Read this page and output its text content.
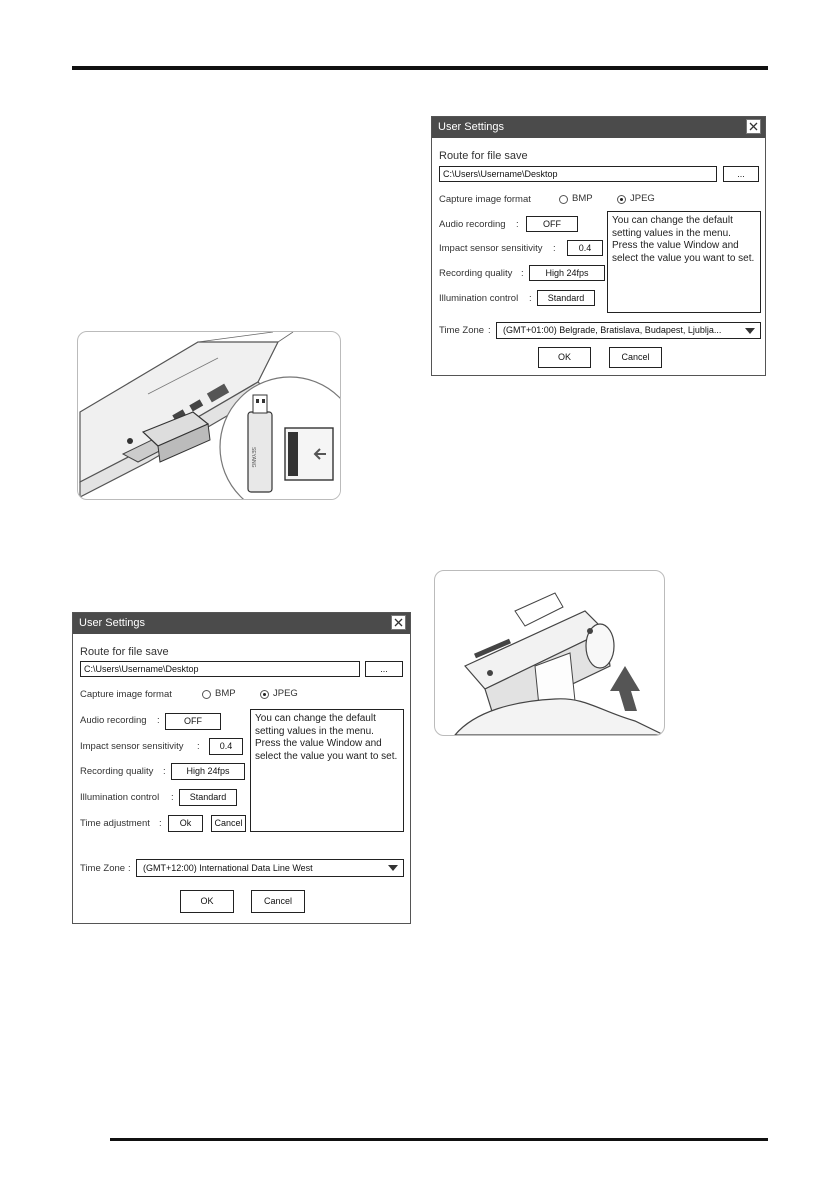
User Settings
Route for file save
C:\Users\Username\Desktop	...
Capture image format	BMP	JPEG
Audio recording :	OFF
Impact sensor sensitivity :	0.4
Recording quality :	High 24fps
Illumination control :	Standard
You can change the default setting values in the menu. Press the value Window and select the value you want to set.
Time Zone :	(GMT+01:00) Belgrade, Bratislava, Budapest, Ljublja...
OK	Cancel
SEYANG
User Settings
Route for file save
C:\Users\Username\Desktop	...
Capture image format	BMP	JPEG
Audio recording :	OFF
Impact sensor sensitivity :	0.4
Recording quality :	High 24fps
Illumination control :	Standard
Time adjustment :	Ok	Cancel
You can change the default setting values in the menu. Press the value Window and select the value you want to set.
Time Zone :	(GMT+12:00) International Data Line West
OK	Cancel
